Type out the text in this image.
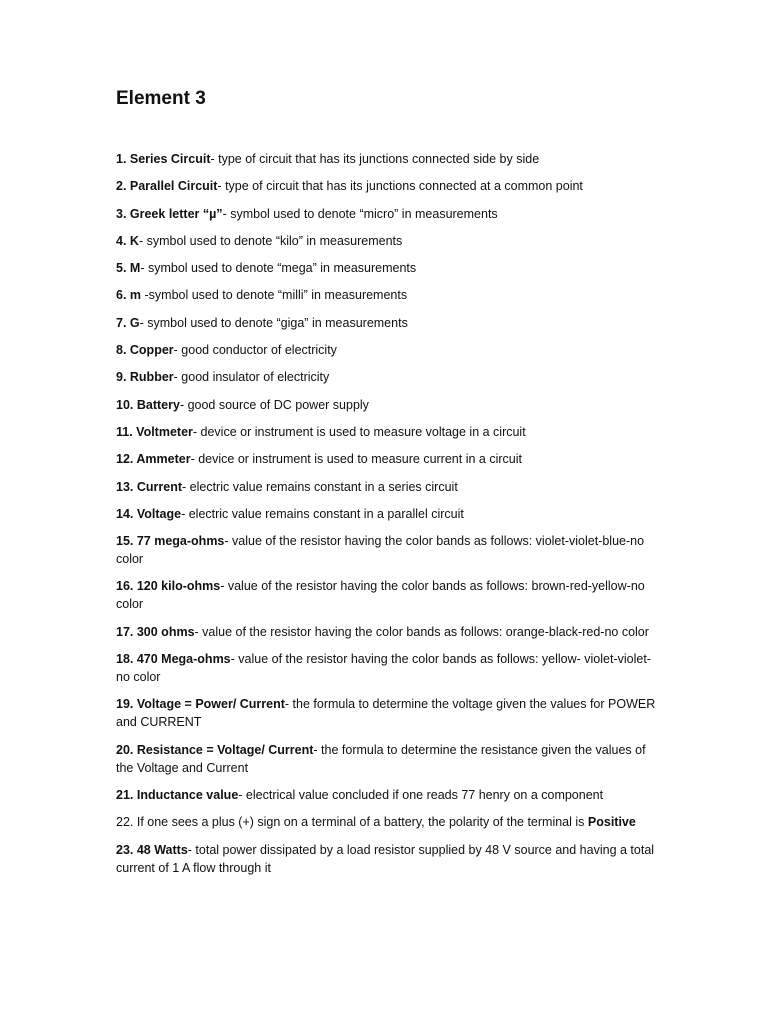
Element 3
1. Series Circuit- type of circuit that has its junctions connected side by side
2. Parallel Circuit- type of circuit that has its junctions connected at a common point
3. Greek letter “µ”- symbol used to denote “micro” in measurements
4. K- symbol used to denote “kilo” in measurements
5. M- symbol used to denote “mega” in measurements
6. m -symbol used to denote “milli” in measurements
7. G- symbol used to denote “giga” in measurements
8. Copper- good conductor of electricity
9. Rubber- good insulator of electricity
10. Battery- good source of DC power supply
11. Voltmeter- device or instrument is used to measure voltage in a circuit
12. Ammeter- device or instrument is used to measure current in a circuit
13. Current- electric value remains constant in a series circuit
14. Voltage- electric value remains constant in a parallel circuit
15. 77 mega-ohms- value of the resistor having the color bands as follows: violet-violet-blue-no color
16. 120 kilo-ohms- value of the resistor having the color bands as follows: brown-red-yellow-no color
17. 300 ohms- value of the resistor having the color bands as follows: orange-black-red-no color
18. 470 Mega-ohms- value of the resistor having the color bands as follows: yellow- violet-violet-no color
19. Voltage = Power/ Current- the formula to determine the voltage given the values for POWER and CURRENT
20. Resistance = Voltage/ Current- the formula to determine the resistance given the values of the Voltage and Current
21. Inductance value- electrical value concluded if one reads 77 henry on a component
22. If one sees a plus (+) sign on a terminal of a battery, the polarity of the terminal is Positive
23. 48 Watts- total power dissipated by a load resistor supplied by 48 V source and having a total current of 1 A flow through it
